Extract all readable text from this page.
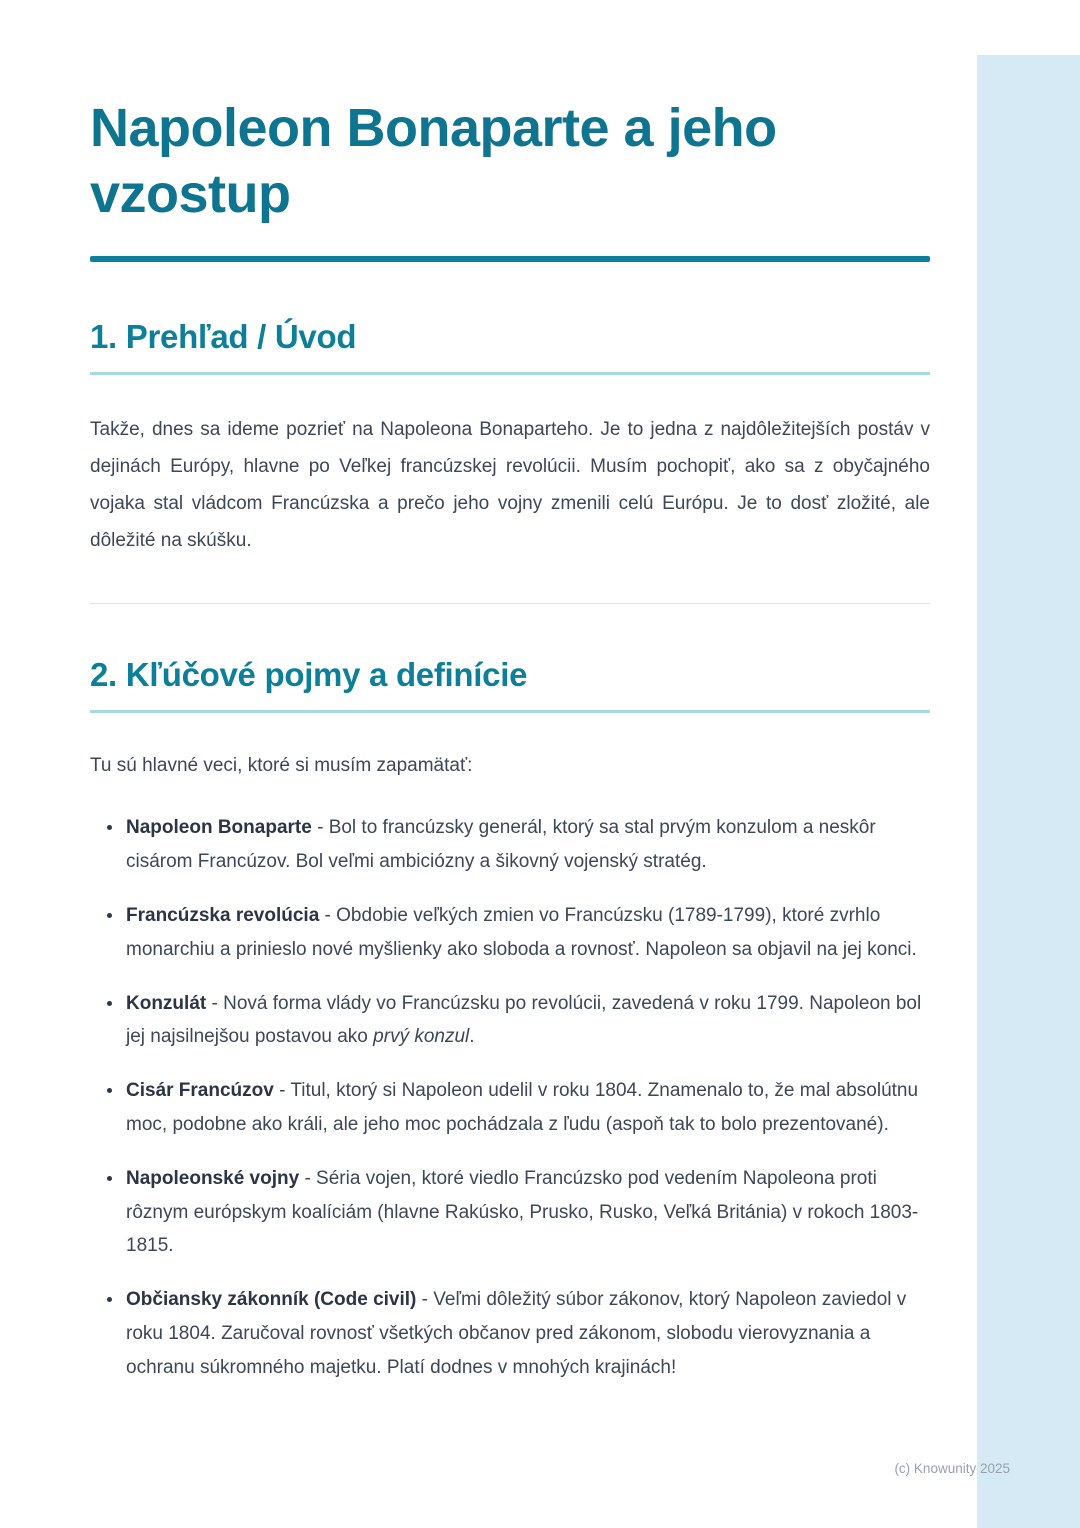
Napoleon Bonaparte a jeho vzostup
1. Prehľad / Úvod

Takže, dnes sa ideme pozrieť na Napoleona Bonaparteho. Je to jedna z najdôležitejších postáv v dejinách Európy, hlavne po Veľkej francúzskej revolúcii. Musím pochopiť, ako sa z obyčajného vojaka stal vládcom Francúzska a prečo jeho vojny zmenili celú Európu. Je to dosť zložité, ale dôležité na skúšku.

2. Kľúčové pojmy a definície

Tu sú hlavné veci, ktoré si musím zapamätať:

• Napoleon Bonaparte - Bol to francúzsky generál, ktorý sa stal prvým konzulom a neskôr cisárom Francúzov. Bol veľmi ambiciózny a šikovný vojenský stratég.
• Francúzska revolúcia - Obdobie veľkých zmien vo Francúzsku (1789-1799), ktoré zvrhlo monarchiu a prinieslo nové myšlienky ako sloboda a rovnosť. Napoleon sa objavil na jej konci.
• Konzulát - Nová forma vlády vo Francúzsku po revolúcii, zavedená v roku 1799. Napoleon bol jej najsilnejšou postavou ako prvý konzul.
• Cisár Francúzov - Titul, ktorý si Napoleon udelil v roku 1804. Znamenalo to, že mal absolútnu moc, podobne ako králi, ale jeho moc pochádzala z ľudu (aspoň tak to bolo prezentované).
• Napoleonské vojny - Séria vojen, ktoré viedlo Francúzsko pod vedením Napoleona proti rôznym európskym koalíciám (hlavne Rakúsko, Prusko, Rusko, Veľká Británia) v rokoch 1803-1815.
• Občiansky zákonník (Code civil) - Veľmi dôležitý súbor zákonov, ktorý Napoleon zaviedol v roku 1804. Zaručoval rovnosť všetkých občanov pred zákonom, slobodu vierovyznania a ochranu súkromného majetku. Platí dodnes v mnohých krajinách!
(c) Knowunity 2025
